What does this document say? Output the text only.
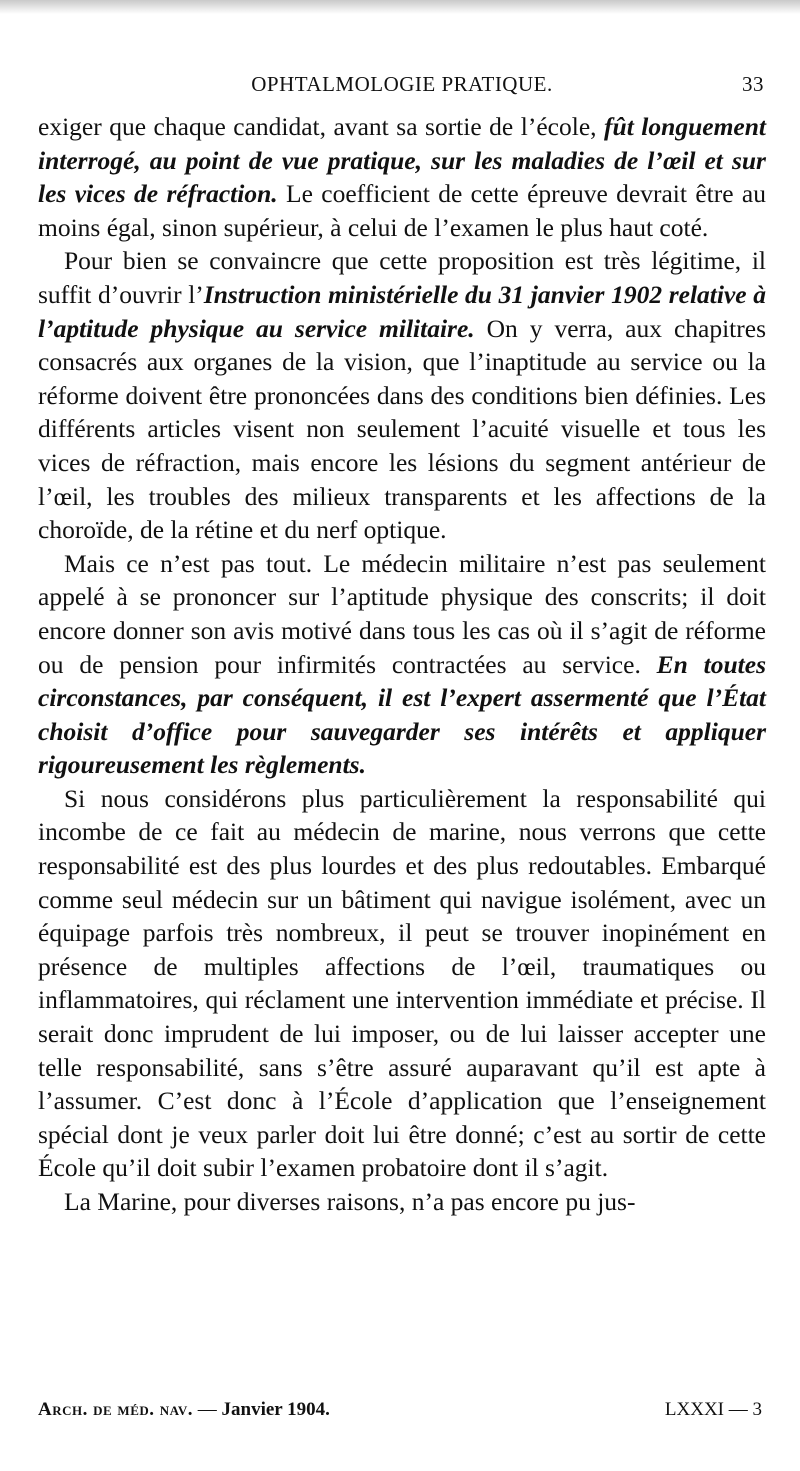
OPHTALMOLOGIE PRATIQUE.	33

exiger que chaque candidat, avant sa sortie de l’école, fût longuement interrogé, au point de vue pratique, sur les maladies de l’œil et sur les vices de réfraction. Le coefficient de cette épreuve devrait être au moins égal, sinon supérieur, à celui de l’examen le plus haut coté.

Pour bien se convaincre que cette proposition est très légitime, il suffit d’ouvrir l’Instruction ministérielle du 31 janvier 1902 relative à l’aptitude physique au service militaire. On y verra, aux chapitres consacrés aux organes de la vision, que l’inaptitude au service ou la réforme doivent être prononcées dans des conditions bien définies. Les différents articles visent non seulement l’acuité visuelle et tous les vices de réfraction, mais encore les lésions du segment antérieur de l’œil, les troubles des milieux transparents et les affections de la choroïde, de la rétine et du nerf optique.

Mais ce n’est pas tout. Le médecin militaire n’est pas seulement appelé à se prononcer sur l’aptitude physique des conscrits; il doit encore donner son avis motivé dans tous les cas où il s’agit de réforme ou de pension pour infirmités contractées au service. En toutes circonstances, par conséquent, il est l’expert assermenté que l’État choisit d’office pour sauvegarder ses intérêts et appliquer rigoureusement les règlements.

Si nous considérons plus particulièrement la responsabilité qui incombe de ce fait au médecin de marine, nous verrons que cette responsabilité est des plus lourdes et des plus redoutables. Embarqué comme seul médecin sur un bâtiment qui navigue isolément, avec un équipage parfois très nombreux, il peut se trouver inopinément en présence de multiples affections de l’œil, traumatiques ou inflammatoires, qui réclament une intervention immédiate et précise. Il serait donc imprudent de lui imposer, ou de lui laisser accepter une telle responsabilité, sans s’être assuré auparavant qu’il est apte à l’assumer. C’est donc à l’École d’application que l’enseignement spécial dont je veux parler doit lui être donné; c’est au sortir de cette École qu’il doit subir l’examen probatoire dont il s’agit.

La Marine, pour diverses raisons, n’a pas encore pu jus-

Arch. de méd. nav. — Janvier 1904.	LXXXI — 3
